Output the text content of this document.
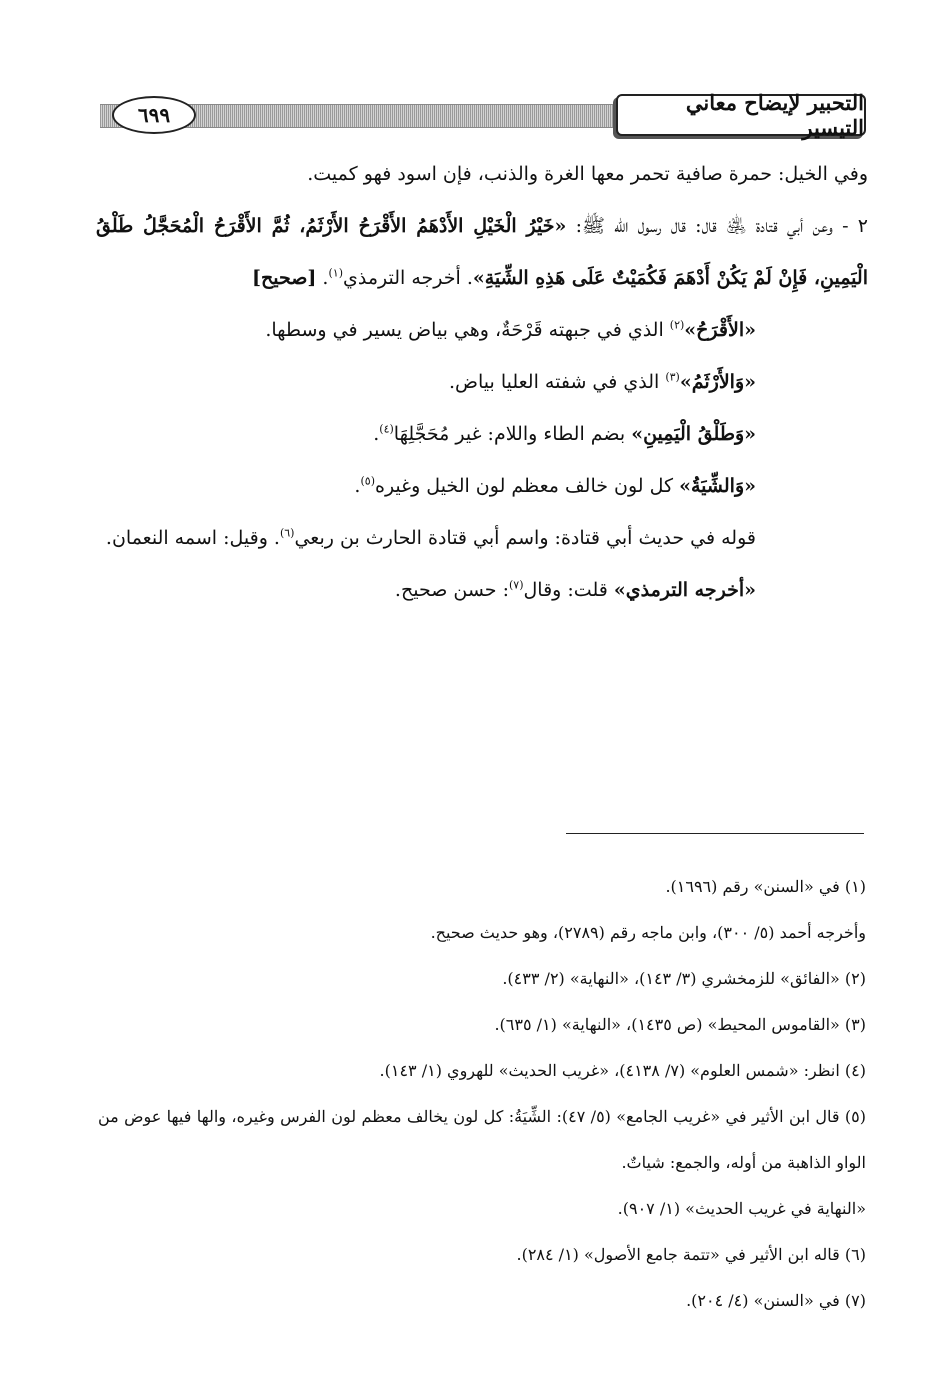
٦٩٩	التحبير لإيضاح معاني التيسير

وفي الخيل: حمرة صافية تحمر معها الغرة والذنب، فإن اسود فهو كميت.

٢ - وعن أبي قتادة ﵁ قال: قال رسول الله ﷺ: «خَيْرُ الْخَيْلِ الأَدْهَمُ الأَقْرَحُ الأَرْثَمُ، ثُمَّ الأَقْرَحُ الْمُحَجَّلُ طَلْقُ الْيَمِينِ، فَإِنْ لَمْ يَكُنْ أَدْهَمَ فَكُمَيْتٌ عَلَى هَذِهِ الشِّيَةِ». أخرجه الترمذي$^{(١)}$. [صحيح]

«الأَقْرَحُ»$^{(٢)}$ الذي في جبهته قَرْحَةٌ، وهي بياض يسير في وسطها.

«وَالأَرْثَمُ»$^{(٣)}$ الذي في شفته العليا بياض.

«وَطَلْقُ الْيَمِينِ» بضم الطاء واللام: غير مُحَجَّلِهَا$^{(٤)}$.

«وَالشِّيَةُ» كل لون خالف معظم لون الخيل وغيره$^{(٥)}$.

قوله في حديث أبي قتادة: واسم أبي قتادة الحارث بن ربعي$^{(٦)}$. وقيل: اسمه النعمان.

«أخرجه الترمذي» قلت: وقال$^{(٧)}$: حسن صحيح.

(١) في «السنن» رقم (١٦٩٦).

وأخرجه أحمد (٥/ ٣٠٠)، وابن ماجه رقم (٢٧٨٩)، وهو حديث صحيح.

(٢) «الفائق» للزمخشري (٣/ ١٤٣)، «النهاية» (٢/ ٤٣٣).

(٣) «القاموس المحيط» (ص ١٤٣٥)، «النهاية» (١/ ٦٣٥).

(٤) انظر: «شمس العلوم» (٧/ ٤١٣٨)، «غريب الحديث» للهروي (١/ ١٤٣).

(٥) قال ابن الأثير في «غريب الجامع» (٥/ ٤٧): الشِّيَةُ: كل لون يخالف معظم لون الفرس وغيره، والها فيها عوض من الواو الذاهبة من أوله، والجمع: شياتٌ.

«النهاية في غريب الحديث» (١/ ٩٠٧).

(٦) قاله ابن الأثير في «تتمة جامع الأصول» (١/ ٢٨٤).

(٧) في «السنن» (٤/ ٢٠٤).
